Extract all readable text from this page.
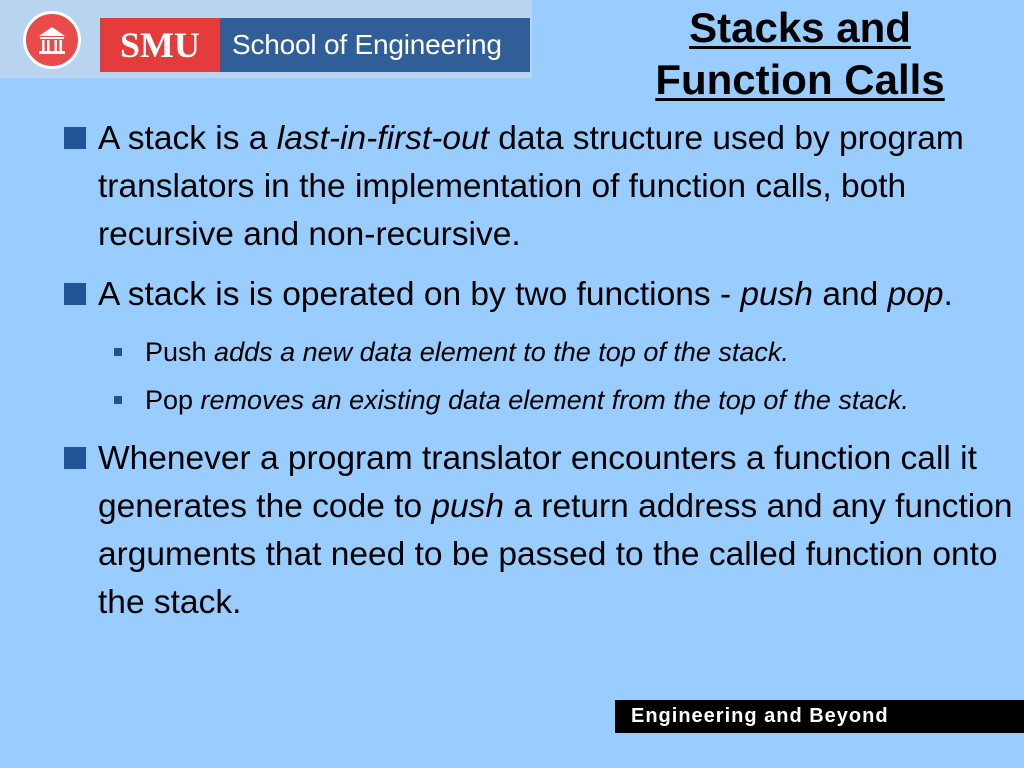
SMU	School of Engineering	Stacks and
Function Calls
A stack is a last-in-first-out data structure used by program translators in the implementation of function calls, both recursive and non-recursive.
A stack is is operated on by two functions - push and pop.
Push adds a new data element to the top of the stack.
Pop removes an existing data element from the top of the stack.
Whenever a program translator encounters a function call it generates the code to push a return address and any function arguments that need to be passed to the called function onto the stack.
Engineering and Beyond
